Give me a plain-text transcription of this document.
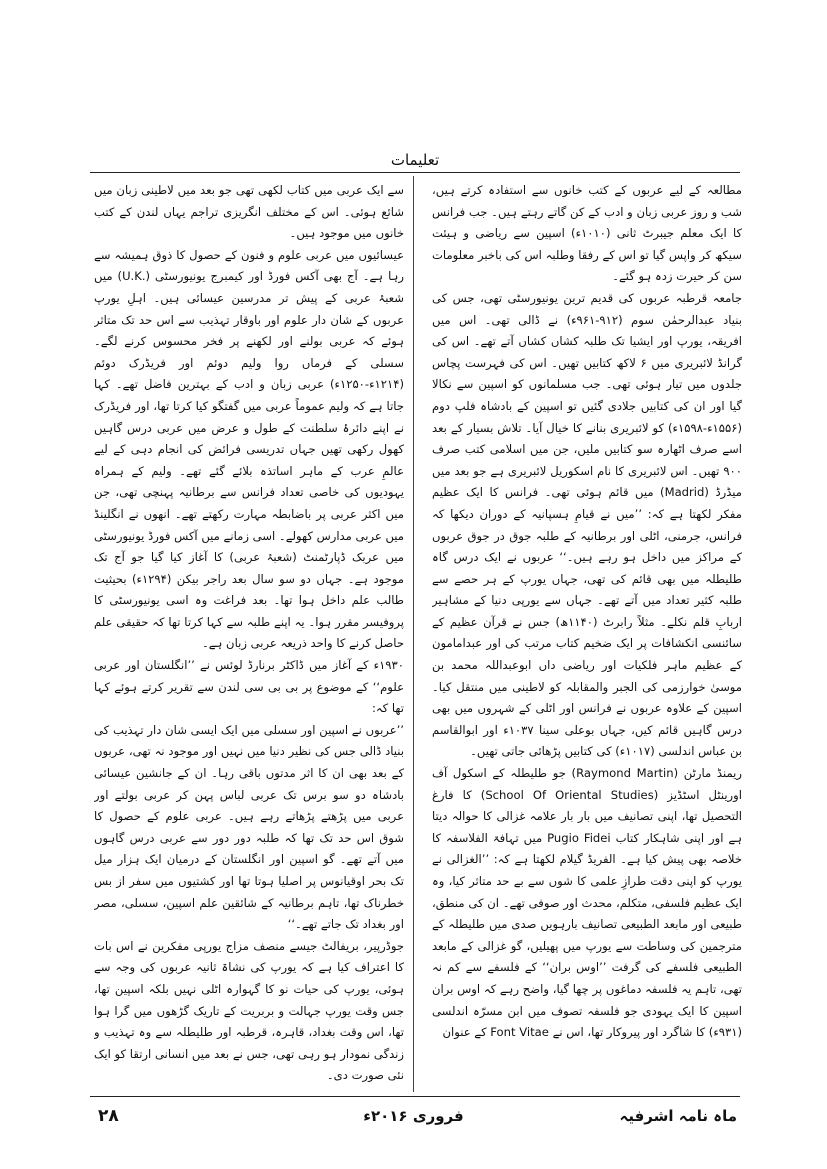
تعلیمات

مطالعہ کے لیے عربوں کے کتب خانوں سے استفادہ کرتے ہیں، شب و روز عربی زبان و ادب کے کن گاتے رہتے ہیں۔ جب فرانس کا ایک معلم جیبرٹ ثانی (۱۰۱۰ء) اسپین سے ریاضی و ہیئت سیکھ کر واپس گیا تو اس کے رفقا وطلبہ اس کی باخبر معلومات سن کر حیرت زدہ ہو گئے۔

جامعہ قرطبہ عربوں کی قدیم ترین یونیورسٹی تھی، جس کی بنیاد عبدالرحمٰن سوم (۹۱۲-۹۶۱ء) نے ڈالی تھی۔ اس میں افریقہ، یورپ اور ایشیا تک طلبہ کشاں کشاں آتے تھے۔ اس کی گرانڈ لائبریری میں ۶ لاکھ کتابیں تھیں۔ اس کی فہرست پچاس جلدوں میں تیار ہوئی تھی۔ جب مسلمانوں کو اسپین سے نکالا گیا اور ان کی کتابیں جلادی گئیں تو اسپین کے بادشاہ فلپ دوم (۱۵۵۶ء-۱۵۹۸ء) کو لائبریری بنانے کا خیال آیا۔ تلاش بسیار کے بعد اسے صرف اٹھارہ سو کتابیں ملیں، جن میں اسلامی کتب صرف ۹۰۰ تھیں۔ اس لائبریری کا نام اسکوریل لائبریری ہے جو بعد میں میڈرڈ (Madrid) میں قائم ہوئی تھی۔ فرانس کا ایک عظیم مفکر لکھتا ہے کہ: ’’میں نے قیامِ ہسپانیہ کے دوران دیکھا کہ فرانس، جرمنی، اٹلی اور برطانیہ کے طلبہ جوق در جوق عربوں کے مراکز میں داخل ہو رہے ہیں۔‘‘ عربوں نے ایک درس گاہ طلیطلہ میں بھی قائم کی تھی، جہاں یورپ کے ہر حصے سے طلبہ کثیر تعداد میں آتے تھے۔ جہاں سے یورپی دنیا کے مشاہیر اربابِ قلم نکلے۔ مثلاً رابرٹ (۱۱۴۰ھ) جس نے قرآن عظیم کے سائنسی انکشافات پر ایک ضخیم کتاب مرتب کی اور عبدامامون کے عظیم ماہر فلکیات اور ریاضی داں ابوعبداللہ محمد بن موسیٰ خوارزمی کی الجبر والمقابلہ کو لاطینی میں منتقل کیا۔ اسپین کے علاوہ عربوں نے فرانس اور اٹلی کے شہروں میں بھی درس گاہیں قائم کیں، جہاں بوعلی سینا ۱۰۳۷ء اور ابوالقاسم بن عباس اندلسی (۱۰۱۷ء) کی کتابیں پڑھائی جاتی تھیں۔

ریمنڈ مارٹن (Raymond Martin) جو طلیطلہ کے اسکول آف اورینٹل اسٹڈیز (School Of Oriental Studies) کا فارغ التحصیل تھا، اپنی تصانیف میں بار بار علامہ غزالی کا حوالہ دیتا ہے اور اپنی شاہکار کتاب Pugio Fidei میں تہافۃ الفلاسفہ کا خلاصہ بھی پیش کیا ہے۔ الفریڈ گیلام لکھتا ہے کہ: ’’الغزالی نے یورپ کو اپنی دقت طرازِ علمی کا شوں سے بے حد متاثر کیا، وہ ایک عظیم فلسفی، متکلم، محدث اور صوفی تھے۔ ان کی منطق، طبیعی اور مابعد الطبیعی تصانیف بارہویں صدی میں طلیطلہ کے مترجمین کی وساطت سے یورپ میں پھیلیں، گو غزالی کے مابعد الطبیعی فلسفے کی گرفت ’’اوس بران‘‘ کے فلسفے سے کم نہ تھی، تاہم یہ فلسفہ دماغوں پر چھا گیا، واضح رہے کہ اوس بران اسپین کا ایک یہودی جو فلسفہ تصوف میں ابن مسرّہ اندلسی (۹۳۱ء) کا شاگرد اور پیروکار تھا، اس نے Font Vitae کے عنوان

سے ایک عربی میں کتاب لکھی تھی جو بعد میں لاطینی زبان میں شائع ہوئی۔ اس کے مختلف انگریزی تراجم یہاں لندن کے کتب خانوں میں موجود ہیں۔

عیسائیوں میں عربی علوم و فنون کے حصول کا ذوق ہمیشہ سے رہا ہے۔ آج بھی آکس فورڈ اور کیمبرج یونیورسٹی (.U.K) میں شعبۂ عربی کے پیش تر مدرسین عیسائی ہیں۔ اہلِ یورپ عربوں کے شان دار علوم اور باوقار تہذیب سے اس حد تک متاثر ہوئے کہ عربی بولنے اور لکھنے پر فخر محسوس کرنے لگے۔ سسلی کے فرماں روا ولیم دوئم اور فریڈرک دوئم (۱۲۱۴ء-۱۲۵۰ء) عربی زبان و ادب کے بہترین فاضل تھے۔ کہا جاتا ہے کہ ولیم عموماً عربی میں گفتگو کیا کرتا تھا، اور فریڈرک نے اپنے دائرۂ سلطنت کے طول و عرض میں عربی درس گاہیں کھول رکھی تھیں جہاں تدریسی فرائض کی انجام دہی کے لیے عالمِ عرب کے ماہر اساتذہ بلائے گئے تھے۔ ولیم کے ہمراہ یہودیوں کی خاصی تعداد فرانس سے برطانیہ پہنچی تھی، جن میں اکثر عربی پر باضابطہ مہارت رکھتے تھے۔ انھوں نے انگلینڈ میں عربی مدارس کھولے۔ اسی زمانے میں آکس فورڈ یونیورسٹی میں عربک ڈپارٹمنٹ (شعبۂ عربی) کا آغاز کیا گیا جو آج تک موجود ہے۔ جہاں دو سو سال بعد راجر بیکن (۱۲۹۴ء) بحیثیت طالب علم داخل ہوا تھا۔ بعد فراغت وہ اسی یونیورسٹی کا پروفیسر مقرر ہوا۔ یہ اپنے طلبہ سے کہا کرتا تھا کہ حقیقی علم حاصل کرنے کا واحد ذریعہ عربی زبان ہے۔

۱۹۳۰ء کے آغاز میں ڈاکٹر برنارڈ لوئس نے ’’انگلستان اور عربی علوم‘‘ کے موضوع پر بی بی سی لندن سے تقریر کرتے ہوئے کہا تھا کہ:

’’عربوں نے اسپین اور سسلی میں ایک ایسی شان دار تہذیب کی بنیاد ڈالی جس کی نظیر دنیا میں نہیں اور موجود نہ تھی، عربوں کے بعد بھی ان کا اثر مدتوں باقی رہا۔ ان کے جانشین عیسائی بادشاہ دو سو برس تک عربی لباس پہن کر عربی بولتے اور عربی میں پڑھتے پڑھاتے رہے ہیں۔ عربی علوم کے حصول کا شوق اس حد تک تھا کہ طلبہ دور دور سے عربی درس گاہوں میں آتے تھے۔ گو اسپین اور انگلستان کے درمیان ایک ہزار میل تک بحر اوقیانوس پر اصلیا ہوتا تھا اور کشتیوں میں سفر از بس خطرناک تھا، تاہم برطانیہ کے شائقین علم اسپین، سسلی، مصر اور بغداد تک جاتے تھے۔‘‘

جوڈرپیر، بریفالٹ جیسے منصف مزاج یورپی مفکرین نے اس بات کا اعتراف کیا ہے کہ یورپ کی نشاۃ ثانیہ عربوں کی وجہ سے ہوئی، یورپ کی حیات نو کا گہوارہ اٹلی نہیں بلکہ اسپین تھا، جس وقت یورپ جہالت و بربریت کے تاریک گڑھوں میں گرا ہوا تھا، اس وقت بغداد، قاہرہ، قرطبہ اور طلیطلہ سے وہ تہذیب و زندگی نمودار ہو رہی تھی، جس نے بعد میں انسانی ارتقا کو ایک نئی صورت دی۔

ماہ نامہ اشرفیہ
فروری ۲۰۱۶ء
۲۸
